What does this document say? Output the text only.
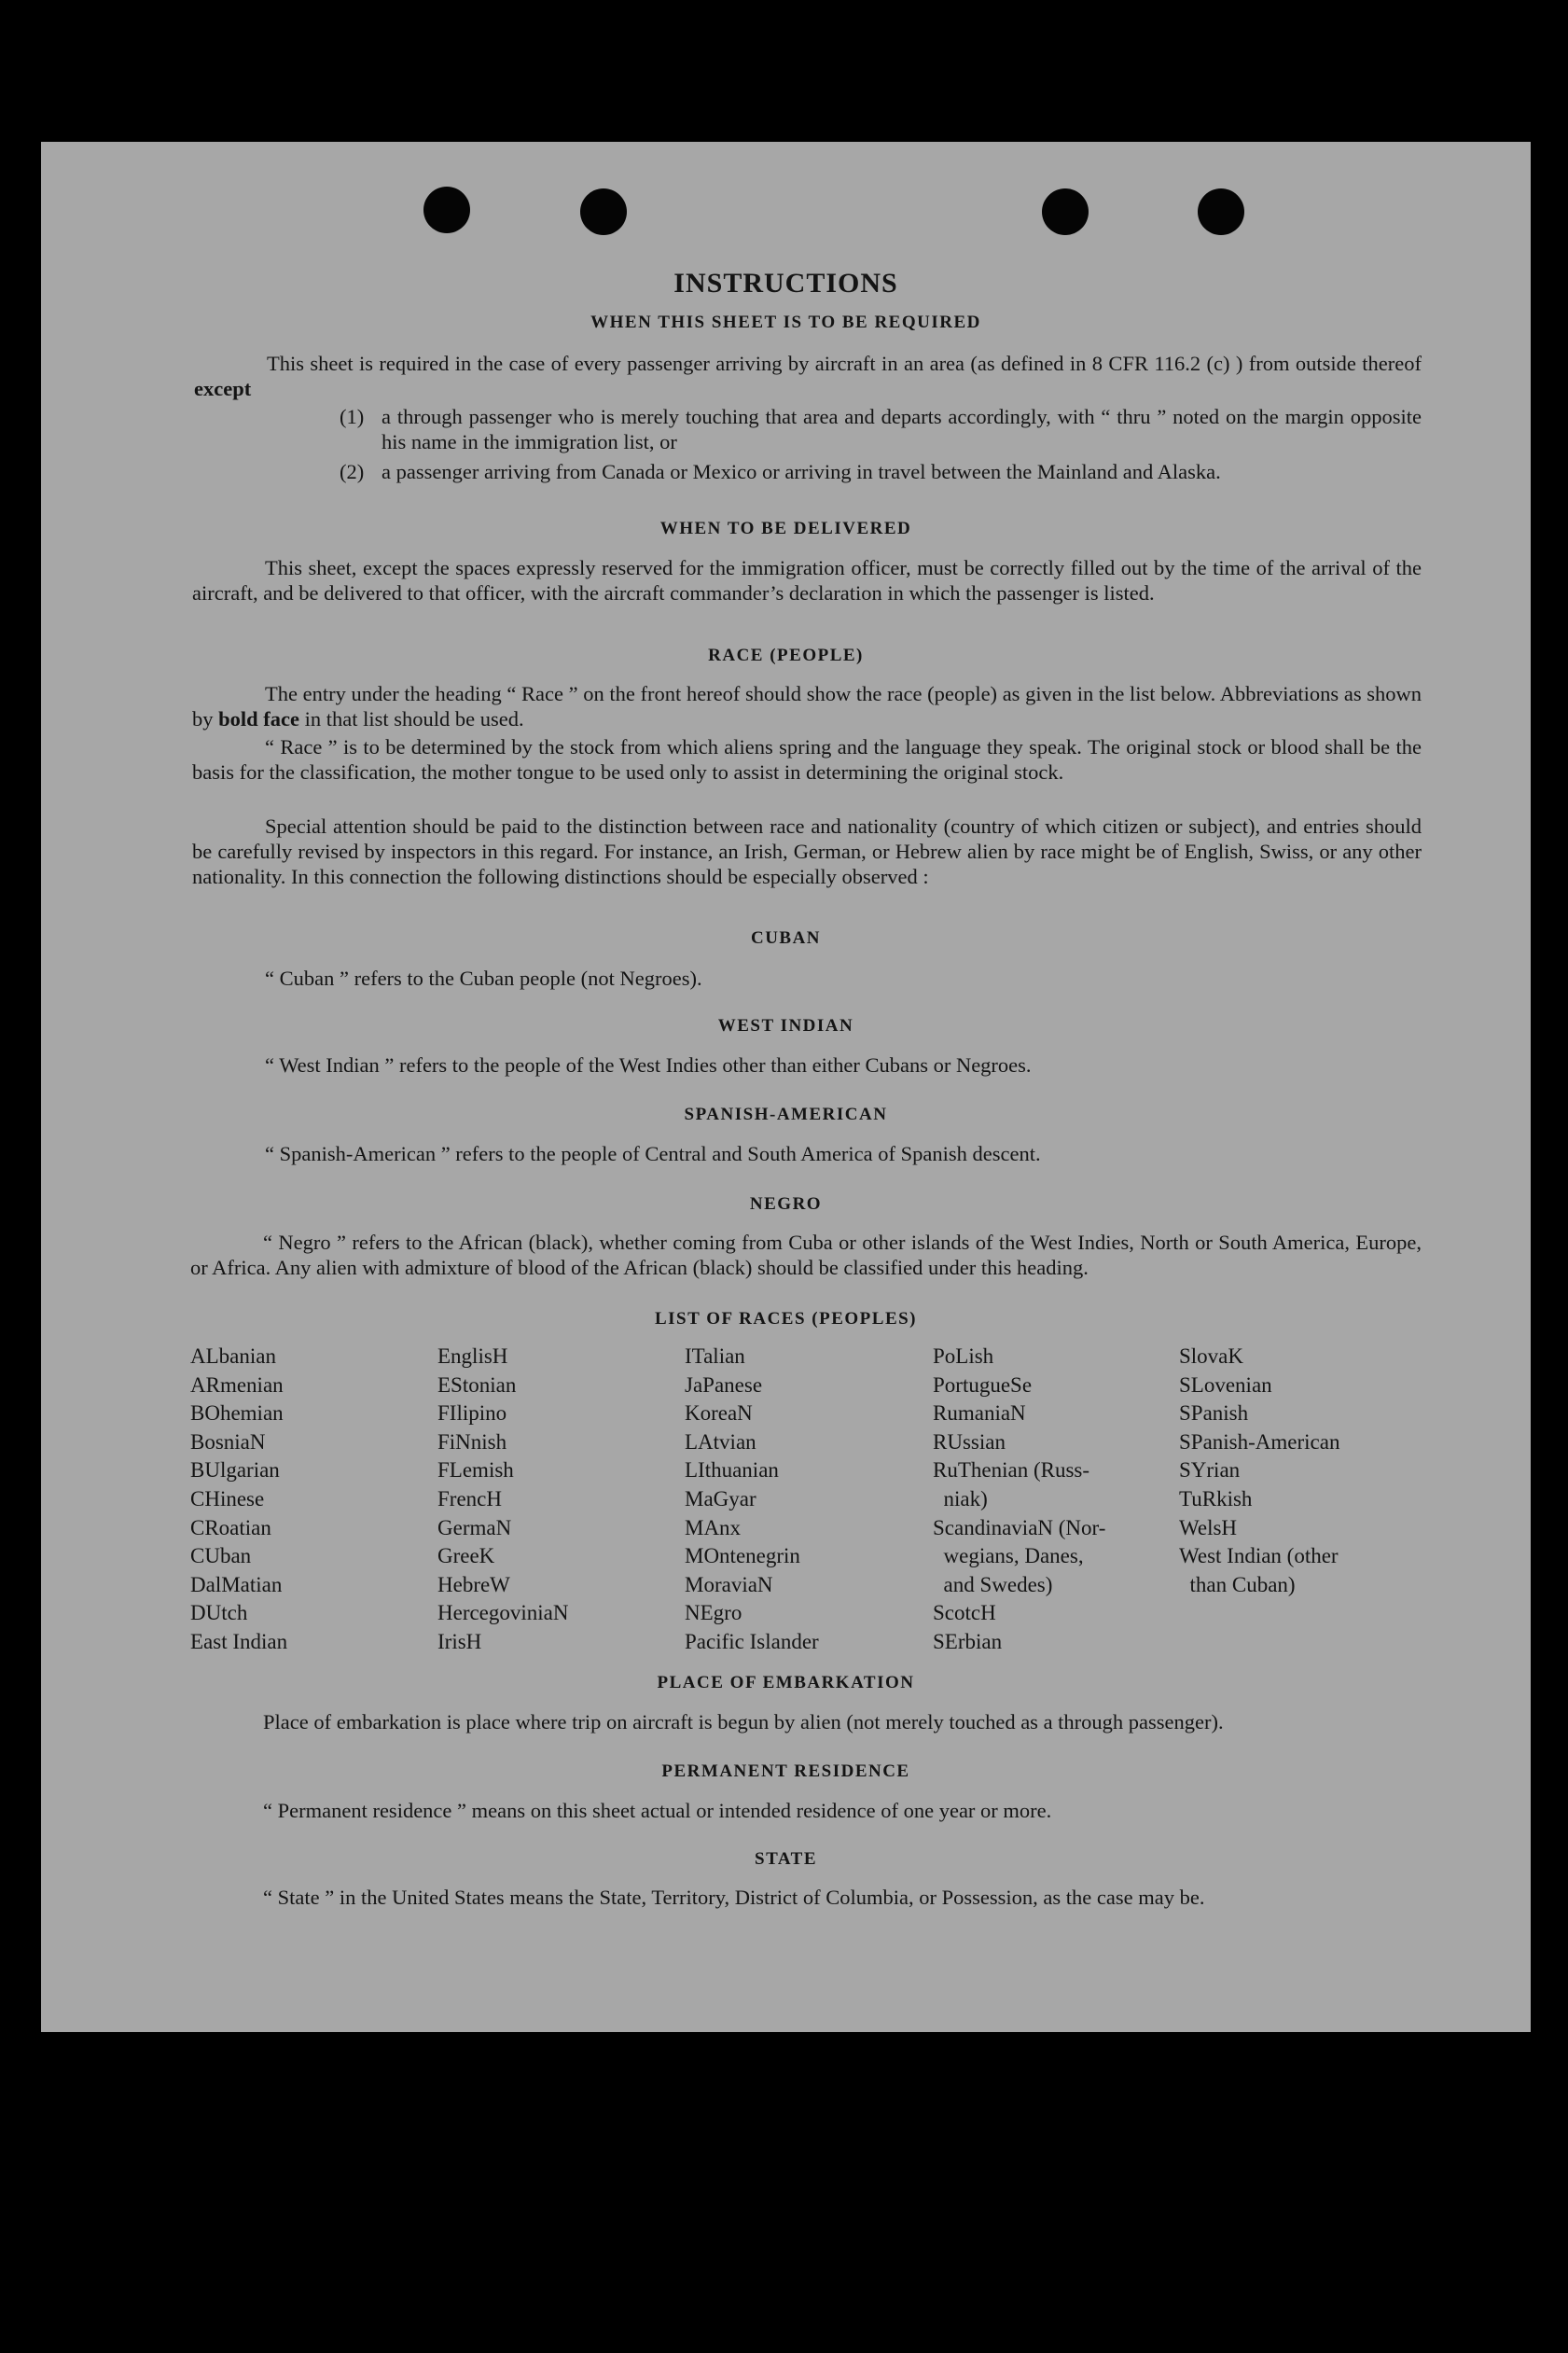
INSTRUCTIONS
WHEN THIS SHEET IS TO BE REQUIRED
This sheet is required in the case of every passenger arriving by aircraft in an area (as defined in 8 CFR 116.2 (c) ) from outside thereof except
(1) a through passenger who is merely touching that area and departs accordingly, with “ thru ” noted on the margin opposite his name in the immigration list, or
(2) a passenger arriving from Canada or Mexico or arriving in travel between the Mainland and Alaska.
WHEN TO BE DELIVERED
This sheet, except the spaces expressly reserved for the immigration officer, must be correctly filled out by the time of the arrival of the aircraft, and be delivered to that officer, with the aircraft commander’s declaration in which the passenger is listed.
RACE (PEOPLE)
The entry under the heading “ Race ” on the front hereof should show the race (people) as given in the list below. Abbreviations as shown by bold face in that list should be used.
“ Race ” is to be determined by the stock from which aliens spring and the language they speak. The original stock or blood shall be the basis for the classification, the mother tongue to be used only to assist in determining the original stock.
Special attention should be paid to the distinction between race and nationality (country of which citizen or subject), and entries should be carefully revised by inspectors in this regard. For instance, an Irish, German, or Hebrew alien by race might be of English, Swiss, or any other nationality. In this connection the following distinctions should be especially observed :
CUBAN
“ Cuban ” refers to the Cuban people (not Negroes).
WEST INDIAN
“ West Indian ” refers to the people of the West Indies other than either Cubans or Negroes.
SPANISH-AMERICAN
“ Spanish-American ” refers to the people of Central and South America of Spanish descent.
NEGRO
“ Negro ” refers to the African (black), whether coming from Cuba or other islands of the West Indies, North or South America, Europe, or Africa. Any alien with admixture of blood of the African (black) should be classified under this heading.
LIST OF RACES (PEOPLES)
ALbanian
ARmenian
BOhemian
BosniaN
BUlgarian
CHinese
CRoatian
CUban
DalMatian
DUtch
East Indian
EnglisH
EStonian
FIlipino
FiNnish
FLemish
FrencH
GermaN
GreeK
HebreW
HercegoviniaN
IrisH
ITalian
JaPanese
KoreaN
LAtvian
LIthuanian
MaGyar
MAnx
MOntenegrin
MoraviaN
NEgro
Pacific Islander
PoLish
PortugueSe
RumaniaN
RUssian
RuThenian (Russ-
niak)
ScandinaviaN (Nor-
wegians, Danes,
and Swedes)
ScotcH
SErbian
SlovaK
SLovenian
SPanish
SPanish-American
SYrian
TuRkish
WelsH
West Indian (other
than Cuban)
PLACE OF EMBARKATION
Place of embarkation is place where trip on aircraft is begun by alien (not merely touched as a through passenger).
PERMANENT RESIDENCE
“ Permanent residence ” means on this sheet actual or intended residence of one year or more.
STATE
“ State ” in the United States means the State, Territory, District of Columbia, or Possession, as the case may be.
